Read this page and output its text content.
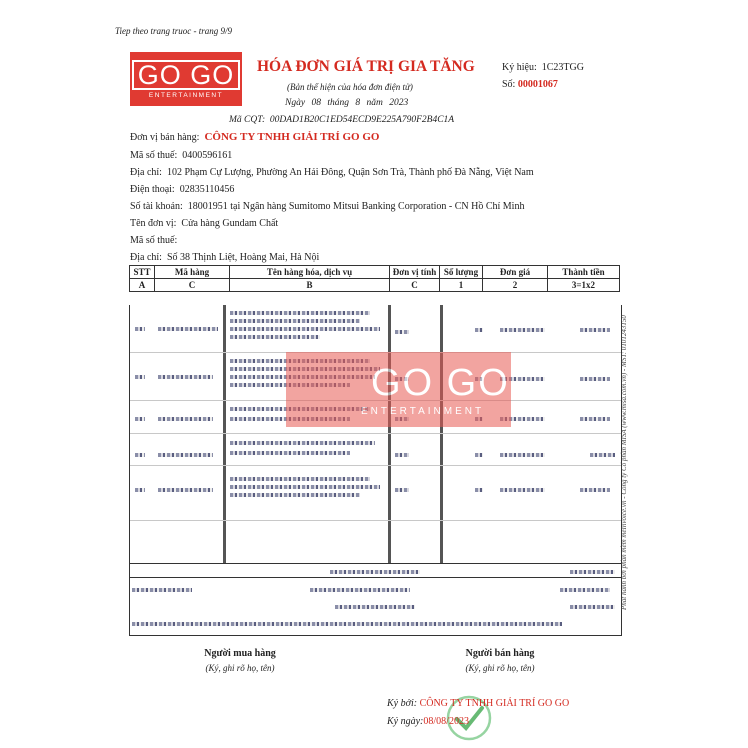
Tiep theo trang truoc - trang 9/9
GO GO
ENTERTAINMENT
HÓA ĐƠN GIÁ TRỊ GIA TĂNG
(Bản thể hiện của hóa đơn điện tử)
Ngày 08 tháng 8 năm 2023
Ký hiệu: 1C23TGG
Số: 00001067
Mã CQT: 00DAD1B20C1ED54ECD9E225A790F2B4C1A
Đơn vị bán hàng: CÔNG TY TNHH GIẢI TRÍ GO GO
Mã số thuế: 0400596161
Địa chỉ: 102 Phạm Cự Lượng, Phường An Hải Đông, Quận Sơn Trà, Thành phố Đà Nẵng, Việt Nam
Điện thoại: 02835110456
Số tài khoản: 18001951 tại Ngân hàng Sumitomo Mitsui Banking Corporation - CN Hồ Chí Minh
Tên đơn vị: Cửa hàng Gundam Chất
Mã số thuế:
Địa chỉ: Số 38 Thịnh Liệt, Hoàng Mai, Hà Nội
STT	Mã hàng	Tên hàng hóa, dịch vụ	Đơn vị tính	Số lượng	Đơn giá	Thành tiền
A	C	B	C	1	2	3=1x2
GO GO
ENTERTAINMENT	Phát hành bởi phần mềm meInvoice.vn - Công ty Cổ phần MISA (www.misa.com.vn) - MST: 0101243150
Người mua hàng
(Ký, ghi rõ họ, tên)
Người bán hàng
(Ký, ghi rõ họ, tên)
Ký bởi: CÔNG TY TNHH GIẢI TRÍ GO GO
Ký ngày:08/08/2023
